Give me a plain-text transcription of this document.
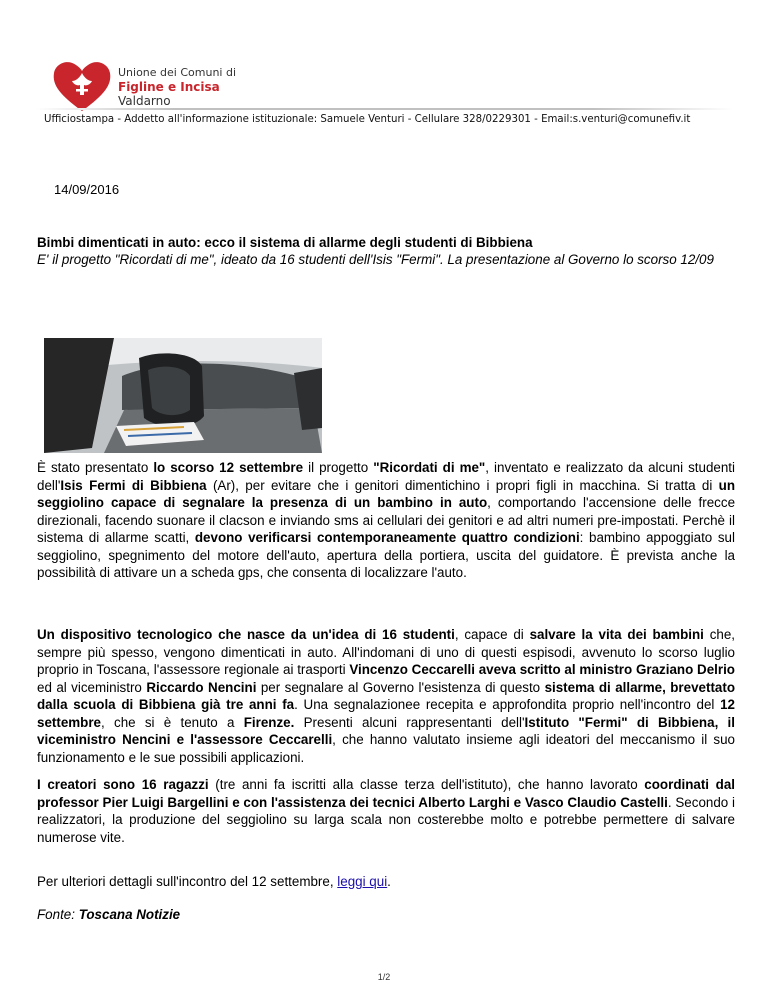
Unione dei Comuni di
Figline e Incisa
Valdarno
Ufficiostampa - Addetto all'informazione istituzionale: Samuele Venturi - Cellulare 328/0229301 - Email:s.venturi@comunefiv.it
14/09/2016
Bimbi dimenticati in auto: ecco il sistema di allarme degli studenti di Bibbiena
E' il progetto "Ricordati di me", ideato da 16 studenti dell'Isis "Fermi". La presentazione al Governo lo scorso 12/09
È stato presentato lo scorso 12 settembre il progetto "Ricordati di me", inventato e realizzato da alcuni studenti dell'Isis Fermi di Bibbiena (Ar), per evitare che i genitori dimentichino i propri figli in macchina. Si tratta di un seggiolino capace di segnalare la presenza di un bambino in auto, comportando l'accensione delle frecce direzionali, facendo suonare il clacson e inviando sms ai cellulari dei genitori e ad altri numeri pre-impostati. Perchè il sistema di allarme scatti, devono verificarsi contemporaneamente quattro condizioni: bambino appoggiato sul seggiolino, spegnimento del motore dell'auto, apertura della portiera, uscita del guidatore. È prevista anche la possibilità di attivare un a scheda gps, che consenta di localizzare l'auto.
Un dispositivo tecnologico che nasce da un'idea di 16 studenti, capace di salvare la vita dei bambini che, sempre più spesso, vengono dimenticati in auto. All'indomani di uno di questi espisodi, avvenuto lo scorso luglio proprio in Toscana, l'assessore regionale ai trasporti Vincenzo Ceccarelli aveva scritto al ministro Graziano Delrio ed al viceministro Riccardo Nencini per segnalare al Governo l'esistenza di questo sistema di allarme, brevettato dalla scuola di Bibbiena già tre anni fa. Una segnalazionee recepita e approfondita proprio nell'incontro del 12 settembre, che si è tenuto a Firenze. Presenti alcuni rappresentanti dell'Istituto "Fermi" di Bibbiena, il viceministro Nencini e l'assessore Ceccarelli, che hanno valutato insieme agli ideatori del meccanismo il suo funzionamento e le sue possibili applicazioni.
I creatori sono 16 ragazzi (tre anni fa iscritti alla classe terza dell'istituto), che hanno lavorato coordinati dal professor Pier Luigi Bargellini e con l'assistenza dei tecnici Alberto Larghi e Vasco Claudio Castelli. Secondo i realizzatori, la produzione del seggiolino su larga scala non costerebbe molto e potrebbe permettere di salvare numerose vite.
Per ulteriori dettagli sull'incontro del 12 settembre, leggi qui.
Fonte: Toscana Notizie
1/2
